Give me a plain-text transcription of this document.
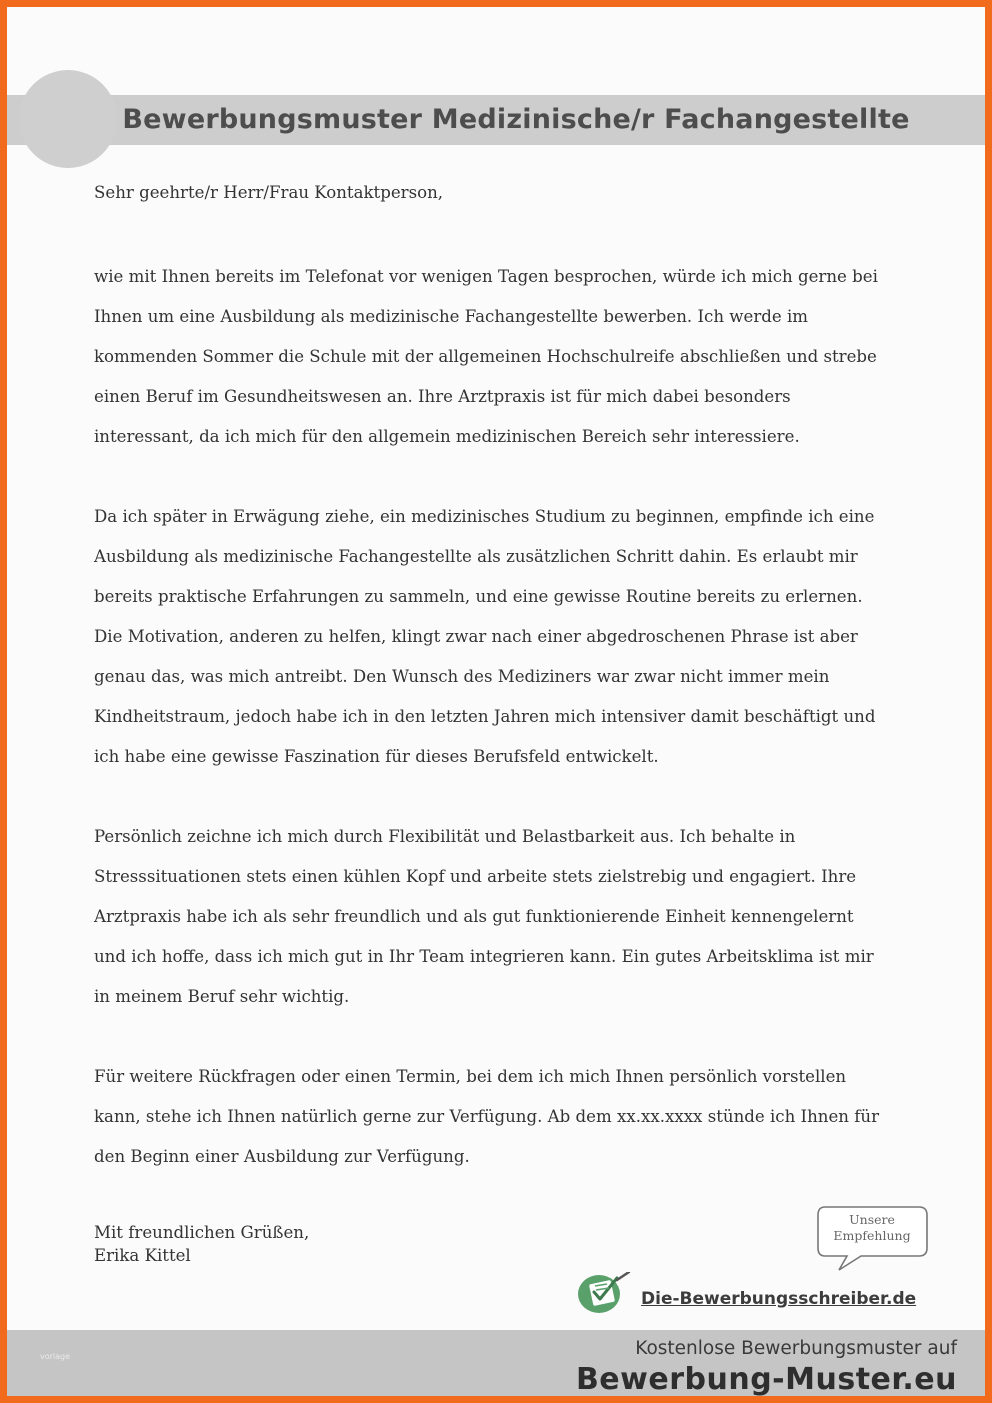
Bewerbungsmuster Medizinische/r Fachangestellte

Sehr geehrte/r Herr/Frau Kontaktperson,

wie mit Ihnen bereits im Telefonat vor wenigen Tagen besprochen, würde ich mich gerne bei
Ihnen um eine Ausbildung als medizinische Fachangestellte bewerben. Ich werde im
kommenden Sommer die Schule mit der allgemeinen Hochschulreife abschließen und strebe
einen Beruf im Gesundheitswesen an. Ihre Arztpraxis ist für mich dabei besonders
interessant, da ich mich für den allgemein medizinischen Bereich sehr interessiere.
Da ich später in Erwägung ziehe, ein medizinisches Studium zu beginnen, empfinde ich eine
Ausbildung als medizinische Fachangestellte als zusätzlichen Schritt dahin. Es erlaubt mir
bereits praktische Erfahrungen zu sammeln, und eine gewisse Routine bereits zu erlernen.
Die Motivation, anderen zu helfen, klingt zwar nach einer abgedroschenen Phrase ist aber
genau das, was mich antreibt. Den Wunsch des Mediziners war zwar nicht immer mein
Kindheitstraum, jedoch habe ich in den letzten Jahren mich intensiver damit beschäftigt und
ich habe eine gewisse Faszination für dieses Berufsfeld entwickelt.
Persönlich zeichne ich mich durch Flexibilität und Belastbarkeit aus. Ich behalte in
Stresssituationen stets einen kühlen Kopf und arbeite stets zielstrebig und engagiert. Ihre
Arztpraxis habe ich als sehr freundlich und als gut funktionierende Einheit kennengelernt
und ich hoffe, dass ich mich gut in Ihr Team integrieren kann. Ein gutes Arbeitsklima ist mir
in meinem Beruf sehr wichtig.
Für weitere Rückfragen oder einen Termin, bei dem ich mich Ihnen persönlich vorstellen
kann, stehe ich Ihnen natürlich gerne zur Verfügung. Ab dem xx.xx.xxxx stünde ich Ihnen für
den Beginn einer Ausbildung zur Verfügung.
Mit freundlichen Grüßen,
Erika Kittel
Unsere
Empfehlung
Die-Bewerbungsschreiber.de
vorlage	Kostenlose Bewerbungsmuster auf
Bewerbung-Muster.eu
